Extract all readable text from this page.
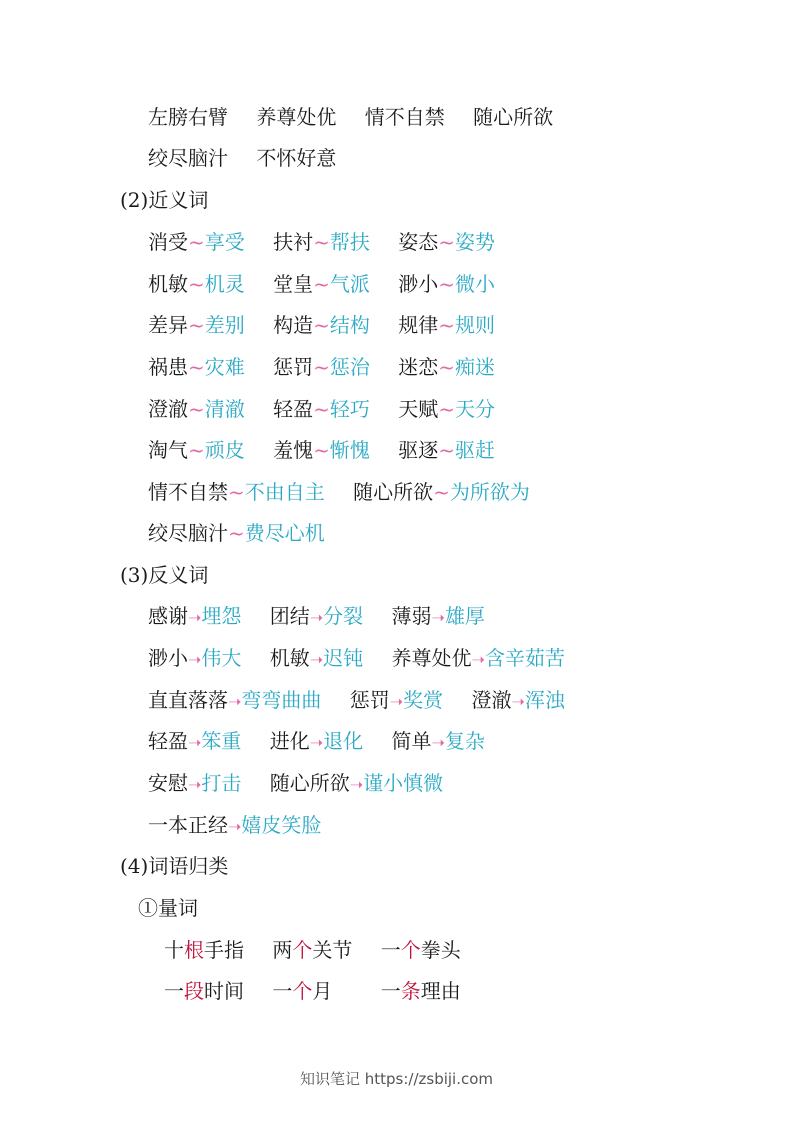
左膀右臂 养尊处优 情不自禁 随心所欲
绞尽脑汁 不怀好意
(2)近义词
消受~享受 扶衬~帮扶 姿态~姿势
机敏~机灵 堂皇~气派 渺小~微小
差异~差别 构造~结构 规律~规则
祸患~灾难 惩罚~惩治 迷恋~痴迷
澄澈~清澈 轻盈~轻巧 天赋~天分
淘气~顽皮 羞愧~惭愧 驱逐~驱赶
情不自禁~不由自主 随心所欲~为所欲为
绞尽脑汁~费尽心机
(3)反义词
感谢➝埋怨 团结➝分裂 薄弱➝雄厚
渺小➝伟大 机敏➝迟钝 养尊处优➝含辛茹苦
直直落落➝弯弯曲曲 惩罚➝奖赏 澄澈➝浑浊
轻盈➝笨重 进化➝退化 简单➝复杂
安慰➝打击 随心所欲➝谨小慎微
一本正经➝嬉皮笑脸
(4)词语归类
①量词
十根手指 两个关节 一个拳头
一段时间 一个月 一条理由
知识笔记 https://zsbiji.com
